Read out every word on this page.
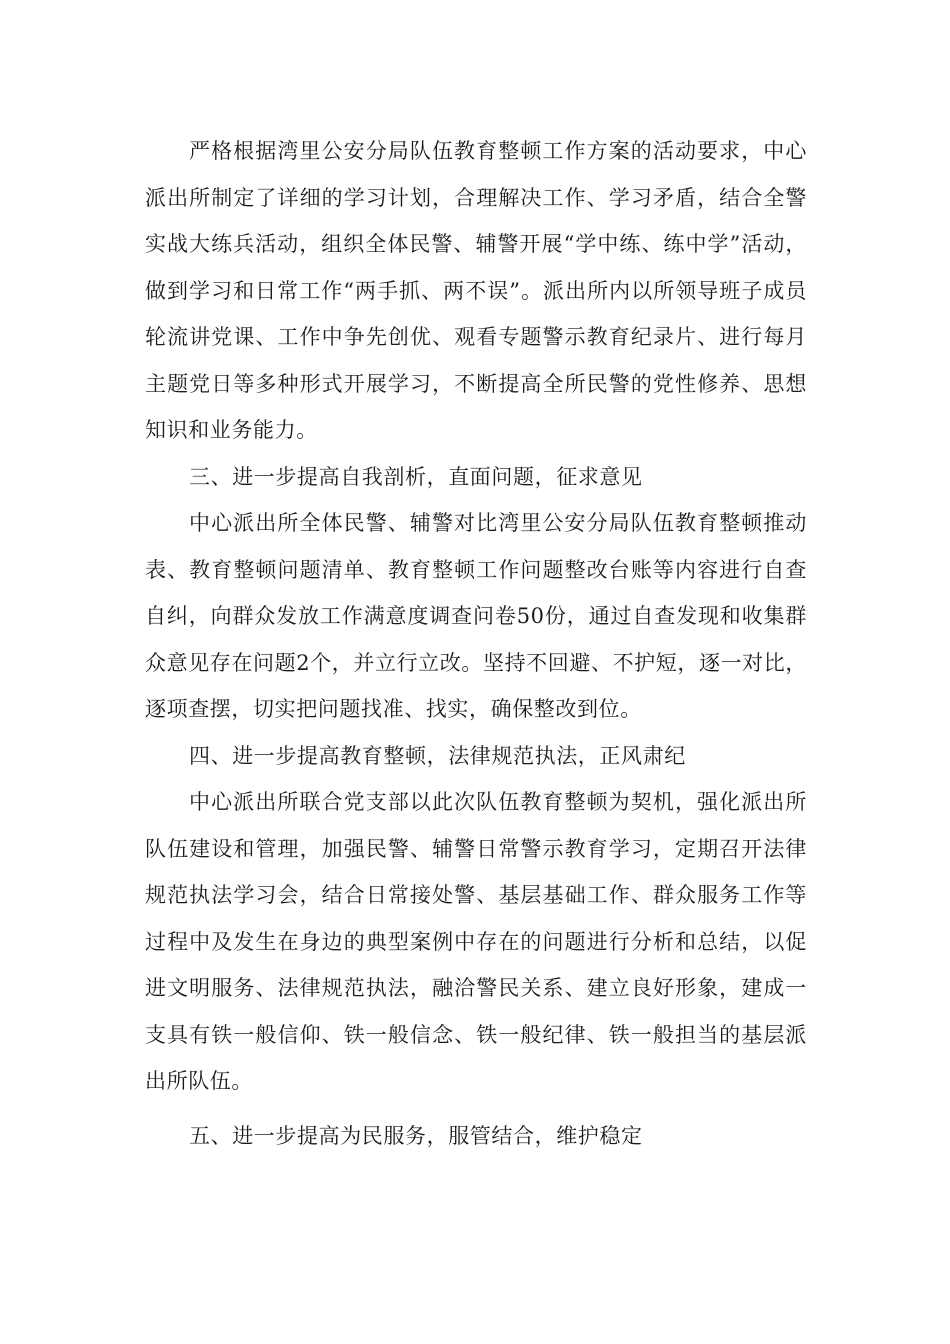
严格根据湾里公安分局队伍教育整顿工作方案的活动要求，中心派出所制定了详细的学习计划，合理解决工作、学习矛盾，结合全警实战大练兵活动，组织全体民警、辅警开展“学中练、练中学”活动，做到学习和日常工作“两手抓、两不误”。派出所内以所领导班子成员轮流讲党课、工作中争先创优、观看专题警示教育纪录片、进行每月主题党日等多种形式开展学习，不断提高全所民警的党性修养、思想知识和业务能力。

三、进一步提高自我剖析，直面问题，征求意见

中心派出所全体民警、辅警对比湾里公安分局队伍教育整顿推动表、教育整顿问题清单、教育整顿工作问题整改台账等内容进行自查自纠，向群众发放工作满意度调查问卷50份，通过自查发现和收集群众意见存在问题2个，并立行立改。坚持不回避、不护短，逐一对比，逐项查摆，切实把问题找准、找实，确保整改到位。

四、进一步提高教育整顿，法律规范执法，正风肃纪

中心派出所联合党支部以此次队伍教育整顿为契机，强化派出所队伍建设和管理，加强民警、辅警日常警示教育学习，定期召开法律规范执法学习会，结合日常接处警、基层基础工作、群众服务工作等过程中及发生在身边的典型案例中存在的问题进行分析和总结，以促进文明服务、法律规范执法，融洽警民关系、建立良好形象，建成一支具有铁一般信仰、铁一般信念、铁一般纪律、铁一般担当的基层派出所队伍。

五、进一步提高为民服务，服管结合，维护稳定
